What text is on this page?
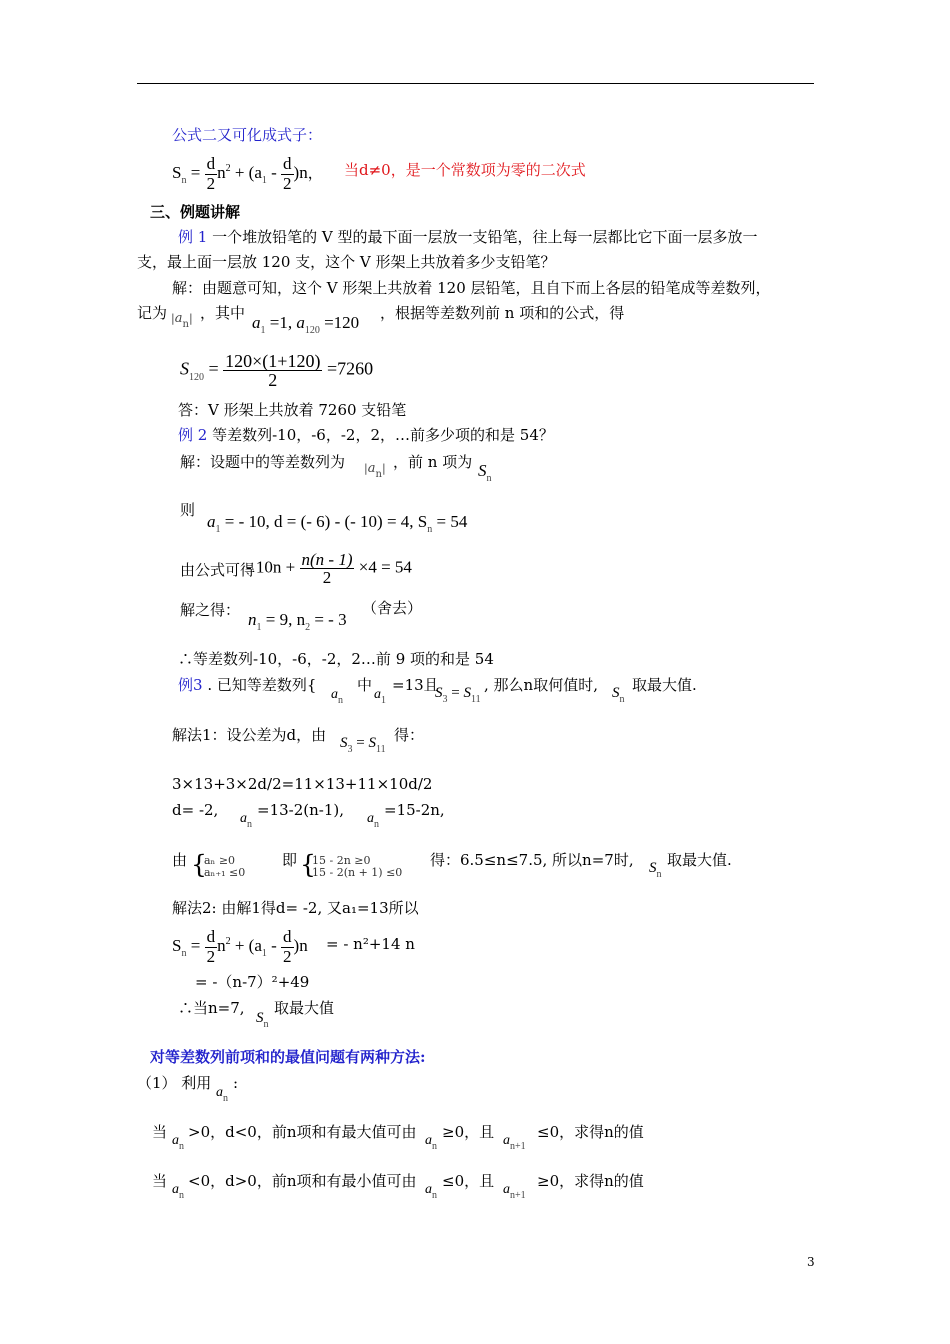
公式二又可化成式子：
$S_n = \frac{d}{2} n^2 + (a_1 - \frac{d}{2} )n$， 当d≠0，是一个常数项为零的二次式
三、例题讲解
例 1 一个堆放铅笔的 V 型的最下面一层放一支铅笔，往上每一层都比它下面一层多放一
支，最上面一层放 120 支，这个 V 形架上共放着多少支铅笔？
解：由题意可知，这个 V 形架上共放着 120 层铅笔，且自下而上各层的铅笔成等差数列，
记为 |an| ，其中 $a_1 =1$, $a_{120} =120$ ，根据等差数列前 n 项和的公式，得
$S_{120} = \frac{120\times(1+120)}{2} =7260$
答：V 形架上共放着 7260 支铅笔
例 2 等差数列-10，-6，-2，2，…前多少项的和是 54？
解：设题中的等差数列为 |an| ，前 n 项为 $S_n$
则
$a_1$ = - 10, d = (- 6) - (- 10) = 4, $S_n = 54$
由公式可得
- $10n + \frac{n(n - 1)}{2} \times 4 = 54$
解之得： $n_1 = 9$, $n_2$ = - 3
（舍去）
∴等差数列-10，-6，-2，2…前 9 项的和是 54
例3 . 已知等差数列{
$a_n$
中
$a_1$
=13且
$S_3 = S_{11}$
, 那么n取何值时, $S_n$
取最大值.
解法1：设公差为d，由 $S_3 = S_{11}$
得：
3×13+3×2d/2=11×13+11×10d/2
d= -2, $a_n$
=13-2(n-1), $a_n$
=15-2n,
由 {
aₙ ≥0
aₙ₊₁ ≤0
即 {
15 - 2n ≥0
15 - 2(n + 1) ≤0
得：6.5≤n≤7.5, 所以n=7时, $S_n$
取最大值.
解法2: 由解1得d= -2, 又a₁=13所以
$S_n = \frac{d}{2} n^2 + (a_1 - \frac{d}{2} )n$ = - n²+14 n
= -（n-7）²+49
∴当n=7,
$S_n$
取最大值
对等差数列前项和的最值问题有两种方法:
（1） 利用 :
$a_n$
当 $a_n$
>0，d<0，前n项和有最大值可由 $a_n$
≥0，且 $a_{n+1}$
≤0，求得n的值
当 $a_n$
<0，d>0，前n项和有最小值可由 $a_n$
≤0，且 $a_{n+1}$
≥0，求得n的值
3
